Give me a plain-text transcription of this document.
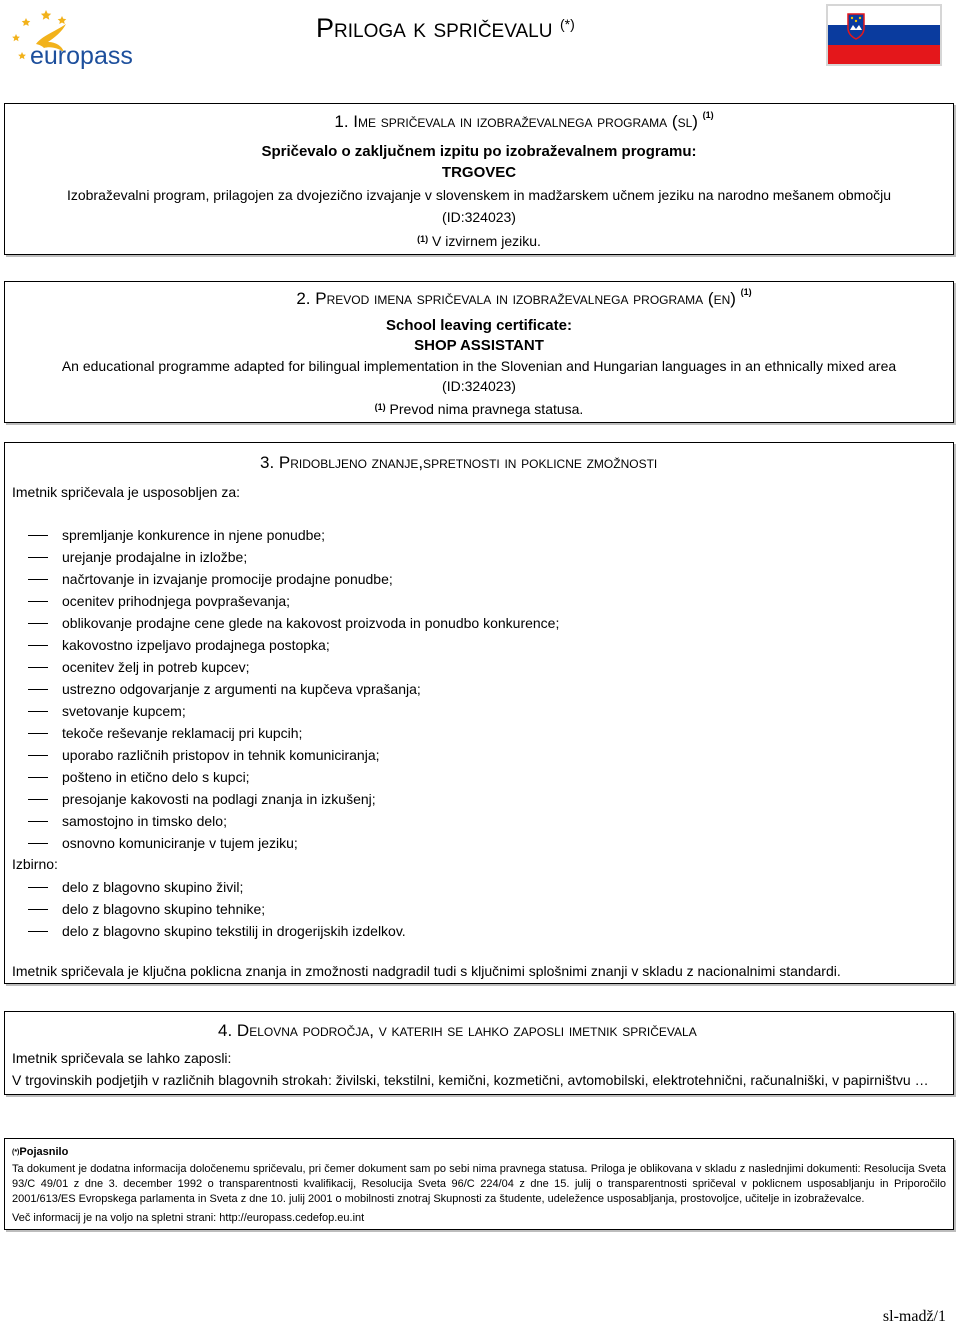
europass
Priloga k spričevalu (*)
1. Ime spričevala in izobraževalnega programa (sl) $^{(1)}$
Spričevalo o zaključnem izpitu po izobraževalnem programu:
TRGOVEC
Izobraževalni program, prilagojen za dvojezično izvajanje v slovenskem in madžarskem učnem jeziku na narodno mešanem območju
(ID:324023)
$^{(1)}$ V izvirnem jeziku.
2. Prevod imena spričevala in izobraževalnega programa (en) $^{(1)}$
School leaving certificate:
SHOP ASSISTANT
An educational programme adapted for bilingual implementation in the Slovenian and Hungarian languages in an ethnically mixed area
(ID:324023)
$^{(1)}$ Prevod nima pravnega statusa.
3. Pridobljeno znanje,spretnosti in poklicne zmožnosti
Imetnik spričevala je usposobljen za:
spremljanje konkurence in njene ponudbe;
urejanje prodajalne in izložbe;
načrtovanje in izvajanje promocije prodajne ponudbe;
ocenitev prihodnjega povpraševanja;
oblikovanje prodajne cene glede na kakovost proizvoda in ponudbo konkurence;
kakovostno izpeljavo prodajnega postopka;
ocenitev želj in potreb kupcev;
ustrezno odgovarjanje z argumenti na kupčeva vprašanja;
svetovanje kupcem;
tekoče reševanje reklamacij pri kupcih;
uporabo različnih pristopov in tehnik komuniciranja;
pošteno in etično delo s kupci;
presojanje kakovosti na podlagi znanja in izkušenj;
samostojno in timsko delo;
osnovno komuniciranje v tujem jeziku;
Izbirno:
delo z blagovno skupino živil;
delo z blagovno skupino tehnike;
delo z blagovno skupino tekstilij in drogerijskih izdelkov.
Imetnik spričevala je ključna poklicna znanja in zmožnosti nadgradil tudi s ključnimi splošnimi znanji v skladu z nacionalnimi standardi.
4. Delovna področja, v katerih se lahko zaposli imetnik spričevala
Imetnik spričevala se lahko zaposli:
V trgovinskih podjetjih v različnih blagovnih strokah: živilski, tekstilni, kemični, kozmetični, avtomobilski, elektrotehnični, računalniški, v papirništvu …
(*)Pojasnilo
Ta dokument je dodatna informacija določenemu spričevalu, pri čemer dokument sam po sebi nima pravnega statusa. Priloga je oblikovana v skladu z naslednjimi dokumenti: Resolucija Sveta 93/C 49/01 z dne 3. december 1992 o transparentnosti kvalifikacij, Resolucija Sveta 96/C 224/04 z dne 15. julij o transparentnosti spričeval v poklicnem usposabljanju in Priporočilo 2001/613/ES Evropskega parlamenta in Sveta z dne 10. julij 2001 o mobilnosti znotraj Skupnosti za študente, udeležence usposabljanja, prostovoljce, učitelje in izobraževalce.
Več informacij je na voljo na spletni strani: http://europass.cedefop.eu.int
sl-madž/1
